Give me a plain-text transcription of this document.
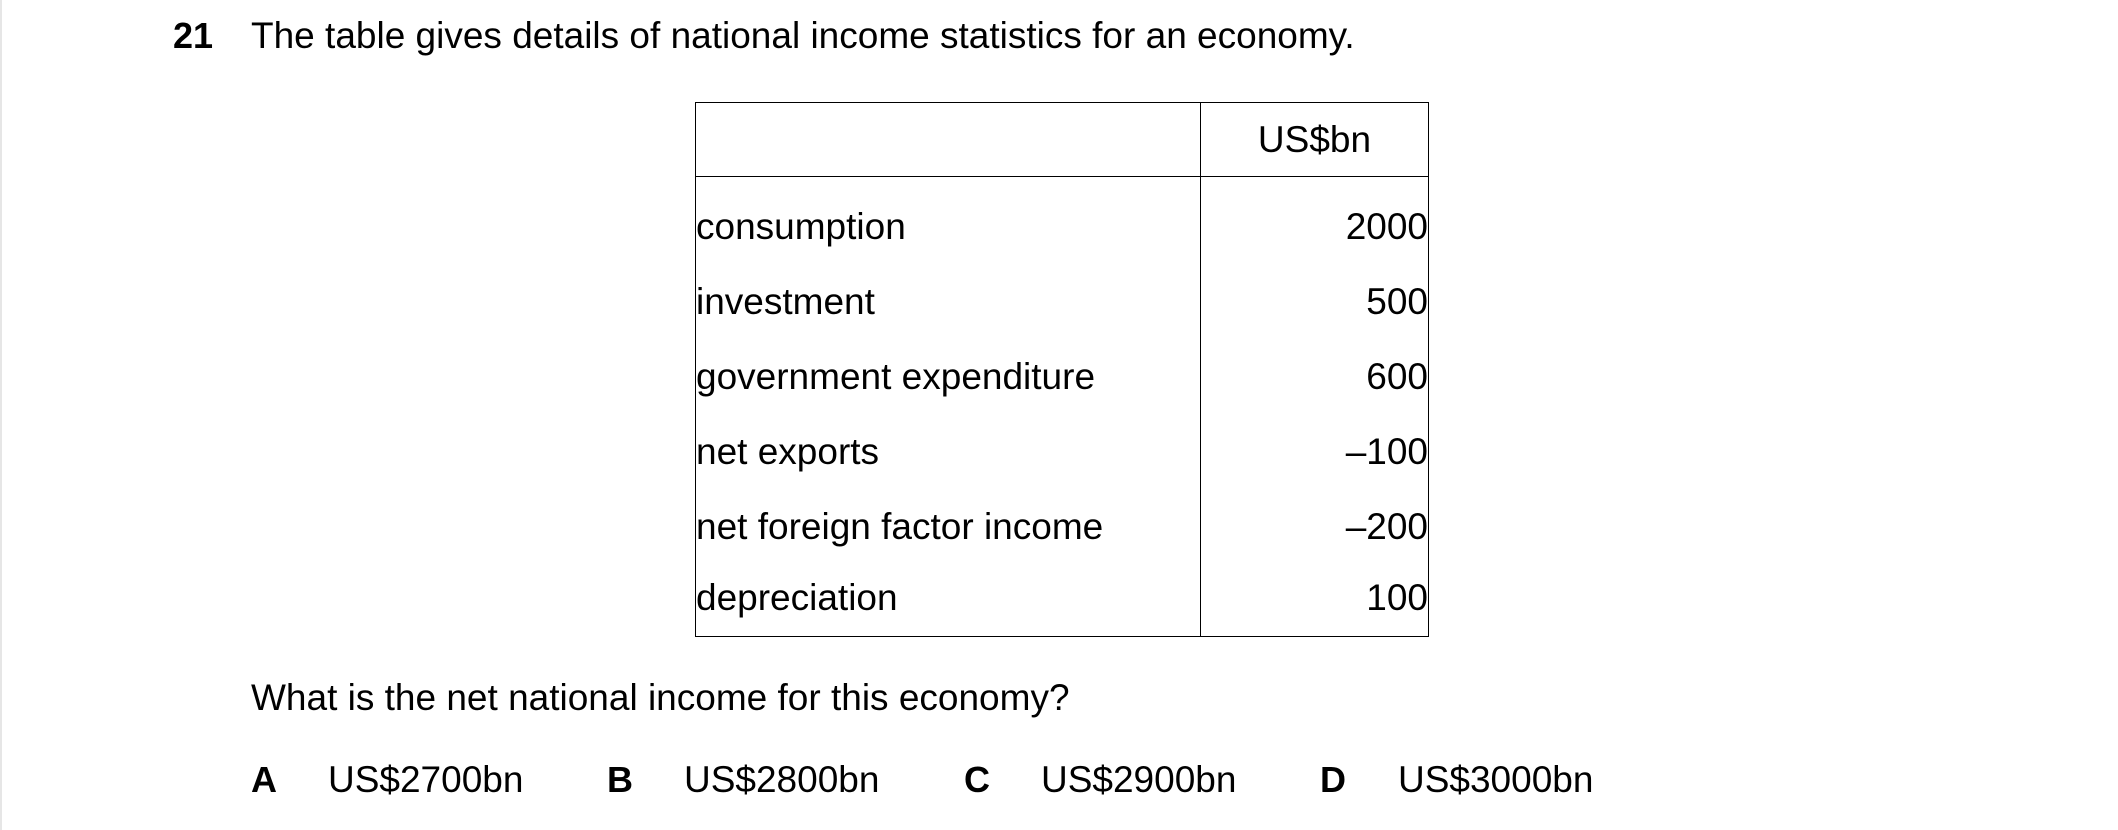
21 The table gives details of national income statistics for an economy.
	US$bn
consumption	2000
investment	500
government expenditure	600
net exports	–100
net foreign factor income	–200
depreciation	100
What is the net national income for this economy?
A US$2700bn B US$2800bn C US$2900bn D US$3000bn
